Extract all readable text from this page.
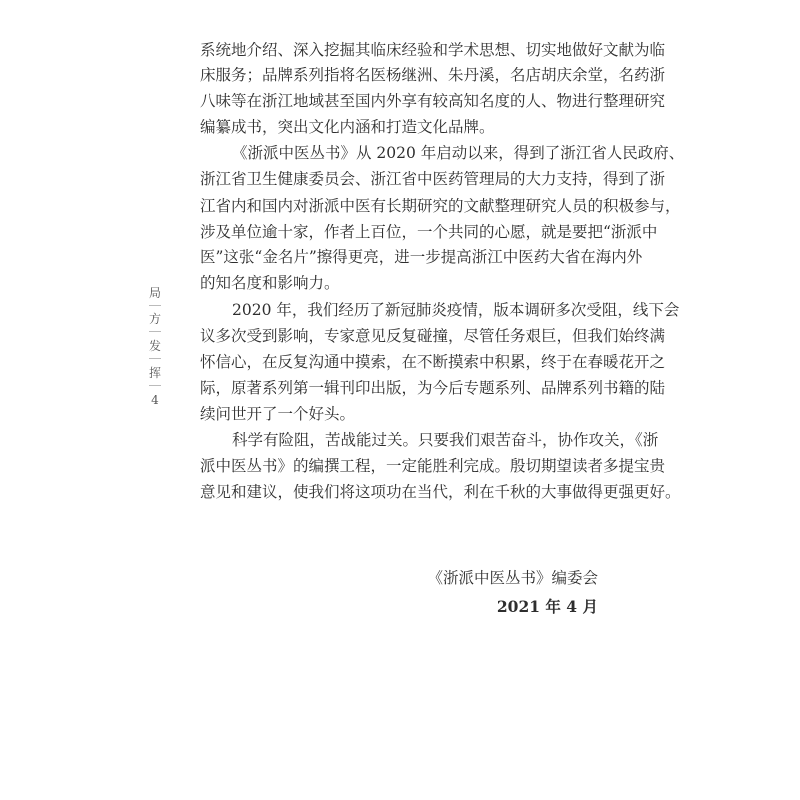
系统地介绍、深入挖掘其临床经验和学术思想、切实地做好文献为临
床服务；品牌系列指将名医杨继洲、朱丹溪，名店胡庆余堂，名药浙
八味等在浙江地域甚至国内外享有较高知名度的人、物进行整理研究
编纂成书，突出文化内涵和打造文化品牌。
《浙派中医丛书》从 2020 年启动以来，得到了浙江省人民政府、
浙江省卫生健康委员会、浙江省中医药管理局的大力支持，得到了浙
江省内和国内对浙派中医有长期研究的文献整理研究人员的积极参与，
涉及单位逾十家，作者上百位，一个共同的心愿，就是要把“浙派中
医”这张“金名片”擦得更亮，进一步提高浙江中医药大省在海内外
的知名度和影响力。
2020 年，我们经历了新冠肺炎疫情，版本调研多次受阻，线下会
议多次受到影响，专家意见反复碰撞，尽管任务艰巨，但我们始终满
怀信心，在反复沟通中摸索，在不断摸索中积累，终于在春暖花开之
际，原著系列第一辑刊印出版，为今后专题系列、品牌系列书籍的陆
续问世开了一个好头。
科学有险阻，苦战能过关。只要我们艰苦奋斗，协作攻关，《浙
派中医丛书》的编撰工程，一定能胜利完成。殷切期望读者多提宝贵
意见和建议，使我们将这项功在当代，利在千秋的大事做得更强更好。
《浙派中医丛书》编委会
2021 年 4 月
局
方
发
挥
4
